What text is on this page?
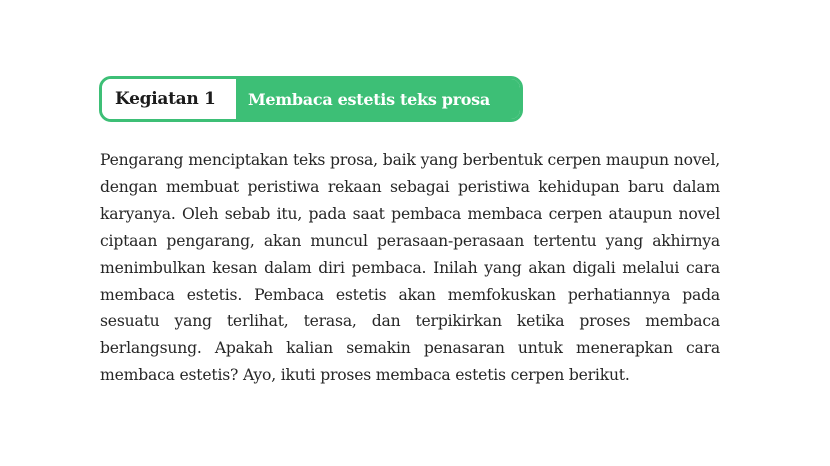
Kegiatan 1	Membaca estetis teks prosa

Pengarang menciptakan teks prosa, baik yang berbentuk cerpen maupun novel, dengan membuat peristiwa rekaan sebagai peristiwa kehidupan baru dalam karyanya. Oleh sebab itu, pada saat pembaca membaca cerpen ataupun novel ciptaan pengarang, akan muncul perasaan-perasaan tertentu yang akhirnya menimbulkan kesan dalam diri pembaca. Inilah yang akan digali melalui cara membaca estetis. Pembaca estetis akan memfokuskan perhatiannya pada sesuatu yang terlihat, terasa, dan terpikirkan ketika proses membaca berlangsung. Apakah kalian semakin penasaran untuk menerapkan cara membaca estetis? Ayo, ikuti proses membaca estetis cerpen berikut.
